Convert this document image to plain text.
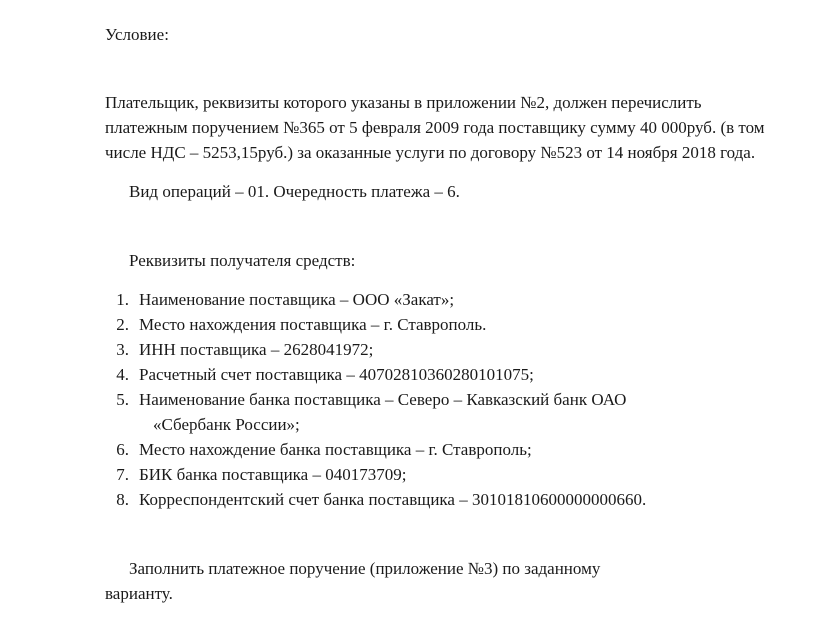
Условие:

Плательщик, реквизиты которого указаны в приложении №2, должен перечислить платежным поручением №365 от 5 февраля 2009 года поставщику сумму 40 000руб. (в том числе НДС – 5253,15руб.) за оказанные услуги по договору №523 от 14 ноября 2018 года.

Вид операций – 01. Очередность платежа – 6.

Реквизиты получателя средств:

1. Наименование поставщика – ООО «Закат»;
2. Место нахождения поставщика – г. Ставрополь.
3. ИНН поставщика – 2628041972;
4. Расчетный счет поставщика – 40702810360280101075;
5. Наименование банка поставщика – Северо – Кавказский банк ОАО
«Сбербанк России»;
6. Место нахождение банка поставщика – г. Ставрополь;
7. БИК банка поставщика – 040173709;
8. Корреспондентский счет банка поставщика – 30101810600000000660.
Заполнить платежное поручение (приложение №3) по заданному
варианту.
